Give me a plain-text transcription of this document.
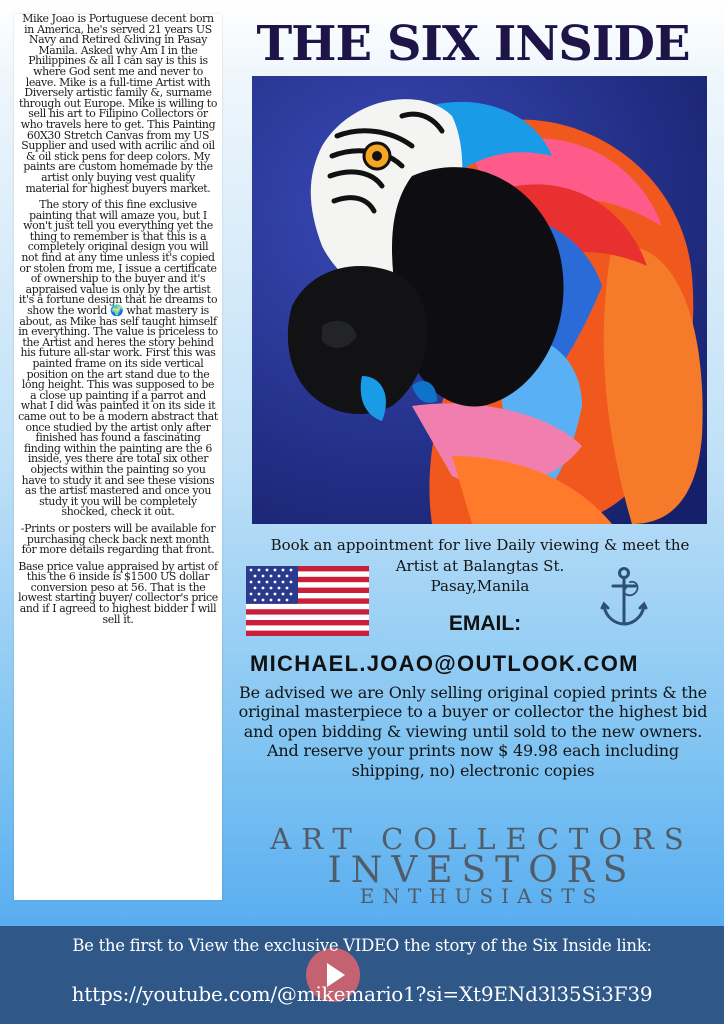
Mike Joao is Portuguese decent born in America, he's served 21 years US Navy and Retired &living in Pasay Manila. Asked why Am I in the Philippines & all I can say is this is where God sent me and never to leave. Mike is a full-time Artist with Diversely artistic family &, surname through out Europe. Mike is willing to sell his art to Filipino Collectors or who travels here to get. This Painting 60X30 Stretch Canvas from my US Supplier and used with acrilic and oil & oil stick pens for deep colors. My paints are custom homemade by the artist only buying vest quality material for highest buyers market.

The story of this fine exclusive painting that will amaze you, but I won't just tell you everything yet the thing to remember is that this is a completely original design you will not find at any time unless it's copied or stolen from me, I issue a certificate of ownership to the buyer and it's appraised value is only by the artist it's a fortune design that he dreams to show the world 🌍 what mastery is about, as Mike has self taught himself in everything. The value is priceless to the Artist and heres the story behind his future all-star work. First this was painted frame on its side vertical position on the art stand due to the long height. This was supposed to be a close up painting if a parrot and what I did was painted it on its side it came out to be a modern abstract that once studied by the artist only after finished has found a fascinating finding within the painting are the 6 inside, yes there are total six other objects within the painting so you have to study it and see these visions as the artist mastered and once you study it you will be completely shocked, check it out.

-Prints or posters will be available for purchasing check back next month for more details regarding that front.

Base price value appraised by artist of this the 6 inside is $1500 US dollar conversion peso at 56. That is the lowest starting buyer/ collector's price and if I agreed to highest bidder I will sell it.

THE SIX INSIDE
Book an appointment for live Daily viewing & meet the
Artist at Balangtas St.
Pasay,Manila
EMAIL:
MICHAEL.JOAO@OUTLOOK.COM
Be advised we are Only selling original copied prints & the original masterpiece to a buyer or collector the highest bid and open bidding & viewing until sold to the new owners. And reserve your prints now $ 49.98 each including shipping, no) electronic copies
ART COLLECTORS
INVESTORS
ENTHUSIASTS
Be the first to View the exclusive VIDEO the story of the Six Inside link:
https://youtube.com/@mikemario1?si=Xt9ENd3l35Si3F39
